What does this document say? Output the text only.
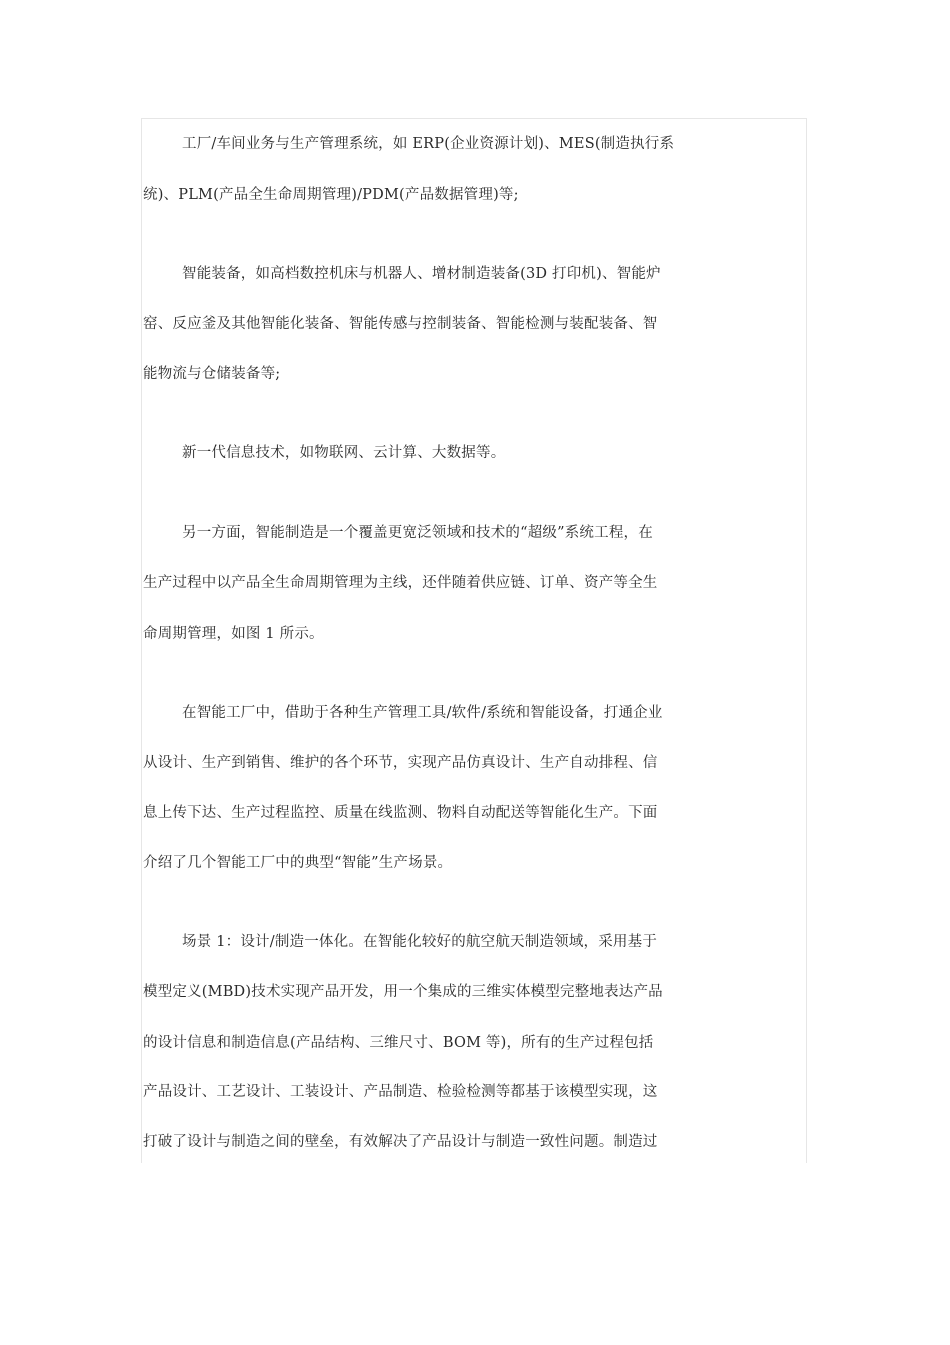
工厂/车间业务与生产管理系统，如 ERP(企业资源计划)、MES(制造执行系
统)、PLM(产品全生命周期管理)/PDM(产品数据管理)等;
智能装备，如高档数控机床与机器人、增材制造装备(3D 打印机)、智能炉
窑、反应釜及其他智能化装备、智能传感与控制装备、智能检测与装配装备、智
能物流与仓储装备等;
新一代信息技术，如物联网、云计算、大数据等。
另一方面，智能制造是一个覆盖更宽泛领域和技术的“超级”系统工程，在
生产过程中以产品全生命周期管理为主线，还伴随着供应链、订单、资产等全生
命周期管理，如图 1 所示。
在智能工厂中，借助于各种生产管理工具/软件/系统和智能设备，打通企业
从设计、生产到销售、维护的各个环节，实现产品仿真设计、生产自动排程、信
息上传下达、生产过程监控、质量在线监测、物料自动配送等智能化生产。下面
介绍了几个智能工厂中的典型“智能”生产场景。
场景 1：设计/制造一体化。在智能化较好的航空航天制造领域，采用基于
模型定义(MBD)技术实现产品开发，用一个集成的三维实体模型完整地表达产品
的设计信息和制造信息(产品结构、三维尺寸、BOM 等)，所有的生产过程包括
产品设计、工艺设计、工装设计、产品制造、检验检测等都基于该模型实现，这
打破了设计与制造之间的壁垒，有效解决了产品设计与制造一致性问题。制造过
